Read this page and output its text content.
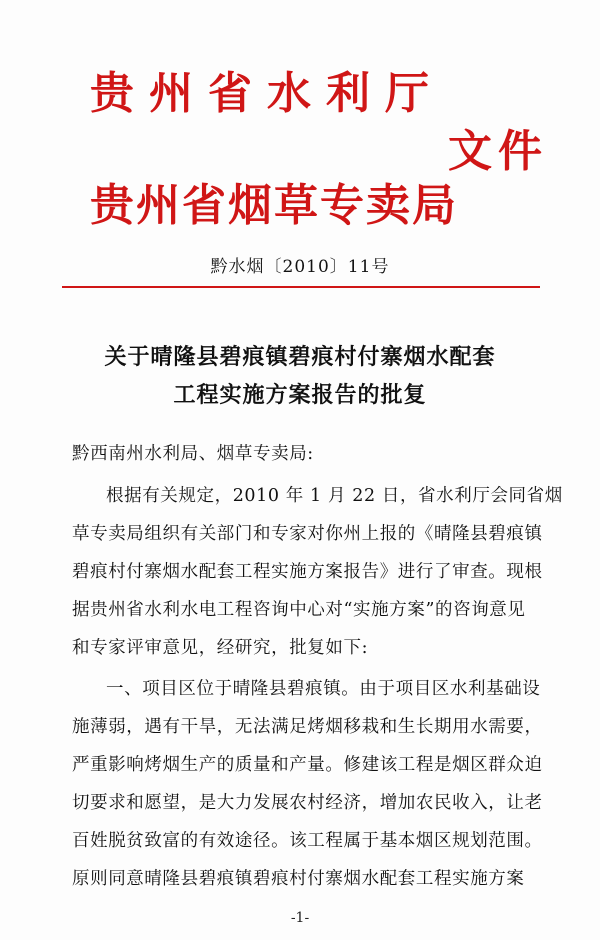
贵州省水利厅
文件
贵州省烟草专卖局
黔水烟〔2010〕11号
关于晴隆县碧痕镇碧痕村付寨烟水配套
工程实施方案报告的批复
黔西南州水利局、烟草专卖局:
根据有关规定，2010 年 1 月 22 日，省水利厅会同省烟
草专卖局组织有关部门和专家对你州上报的《晴隆县碧痕镇
碧痕村付寨烟水配套工程实施方案报告》进行了审查。现根
据贵州省水利水电工程咨询中心对“实施方案”的咨询意见
和专家评审意见，经研究，批复如下:
一、项目区位于晴隆县碧痕镇。由于项目区水利基础设
施薄弱，遇有干旱，无法满足烤烟移栽和生长期用水需要，
严重影响烤烟生产的质量和产量。修建该工程是烟区群众迫
切要求和愿望，是大力发展农村经济，增加农民收入，让老
百姓脱贫致富的有效途径。该工程属于基本烟区规划范围。
原则同意晴隆县碧痕镇碧痕村付寨烟水配套工程实施方案
-1-
